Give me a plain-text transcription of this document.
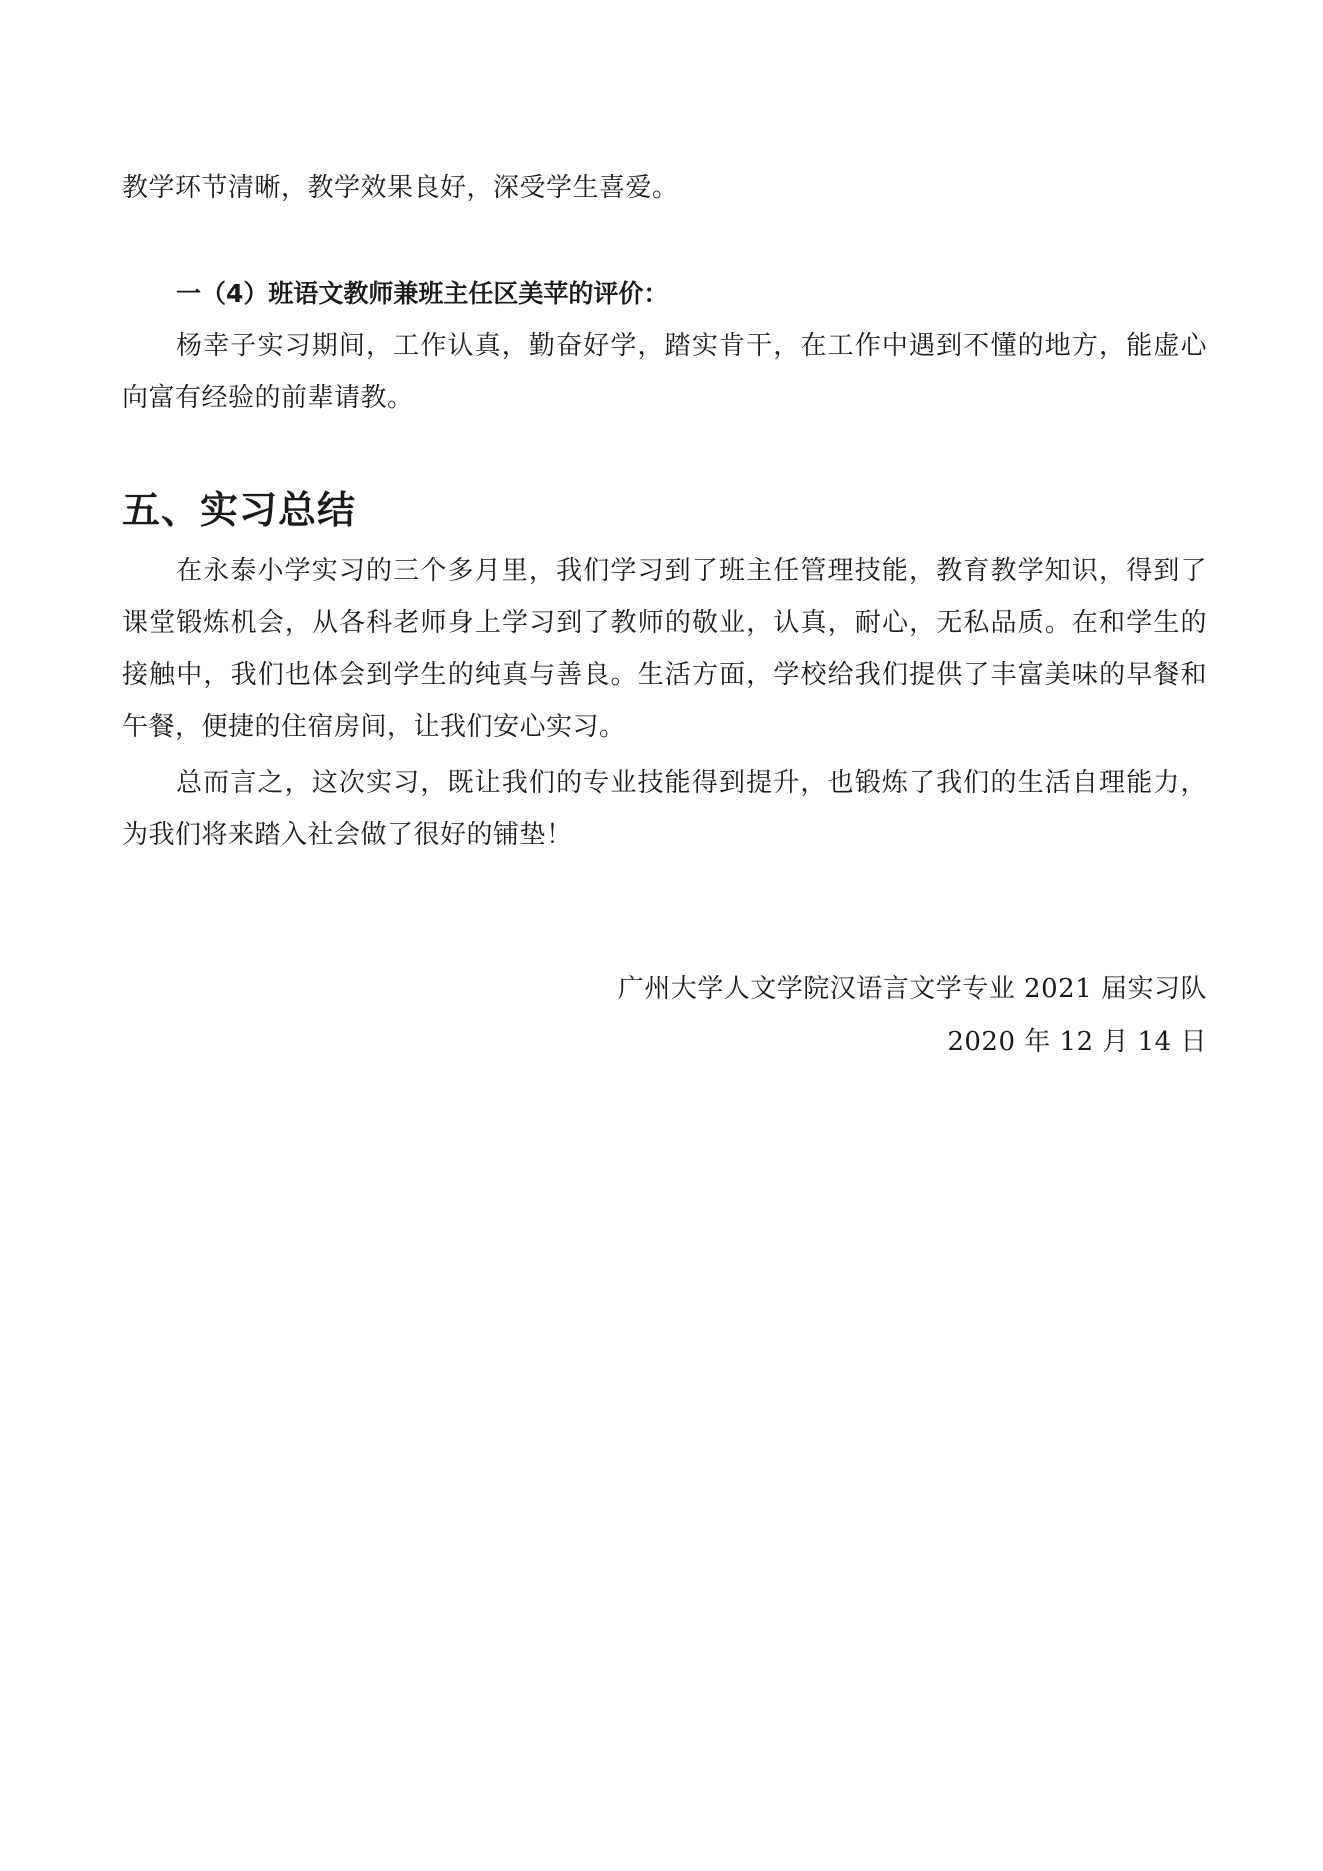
教学环节清晰，教学效果良好，深受学生喜爱。

一（4）班语文教师兼班主任区美苹的评价：

杨幸子实习期间，工作认真，勤奋好学，踏实肯干，在工作中遇到不懂的地方，能虚心向富有经验的前辈请教。

五、实习总结

在永泰小学实习的三个多月里，我们学习到了班主任管理技能，教育教学知识，得到了课堂锻炼机会，从各科老师身上学习到了教师的敬业，认真，耐心，无私品质。在和学生的接触中，我们也体会到学生的纯真与善良。生活方面，学校给我们提供了丰富美味的早餐和午餐，便捷的住宿房间，让我们安心实习。

总而言之，这次实习，既让我们的专业技能得到提升，也锻炼了我们的生活自理能力，为我们将来踏入社会做了很好的铺垫！

广州大学人文学院汉语言文学专业 2021 届实习队

2020 年 12 月 14 日
